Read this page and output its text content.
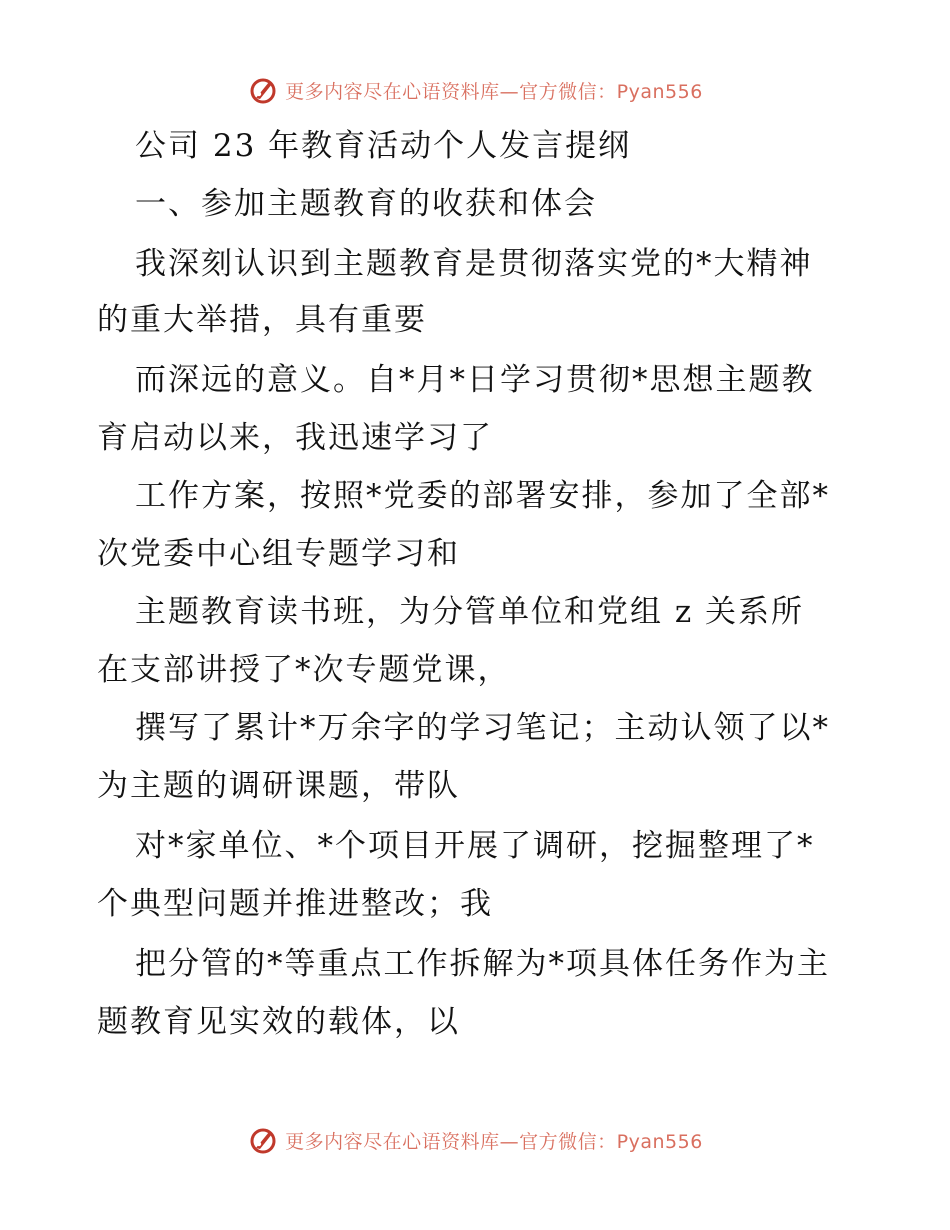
更多内容尽在心语资料库—官方微信：Pyan556
公司 23 年教育活动个人发言提纲
一、参加主题教育的收获和体会
我深刻认识到主题教育是贯彻落实党的*大精神
的重大举措，具有重要
而深远的意义。自*月*日学习贯彻*思想主题教
育启动以来，我迅速学习了
工作方案，按照*党委的部署安排，参加了全部*
次党委中心组专题学习和
主题教育读书班，为分管单位和党组 z 关系所
在支部讲授了*次专题党课，
撰写了累计*万余字的学习笔记；主动认领了以*
为主题的调研课题，带队
对*家单位、*个项目开展了调研，挖掘整理了*
个典型问题并推进整改；我
把分管的*等重点工作拆解为*项具体任务作为主
题教育见实效的载体，以
更多内容尽在心语资料库—官方微信：Pyan556
